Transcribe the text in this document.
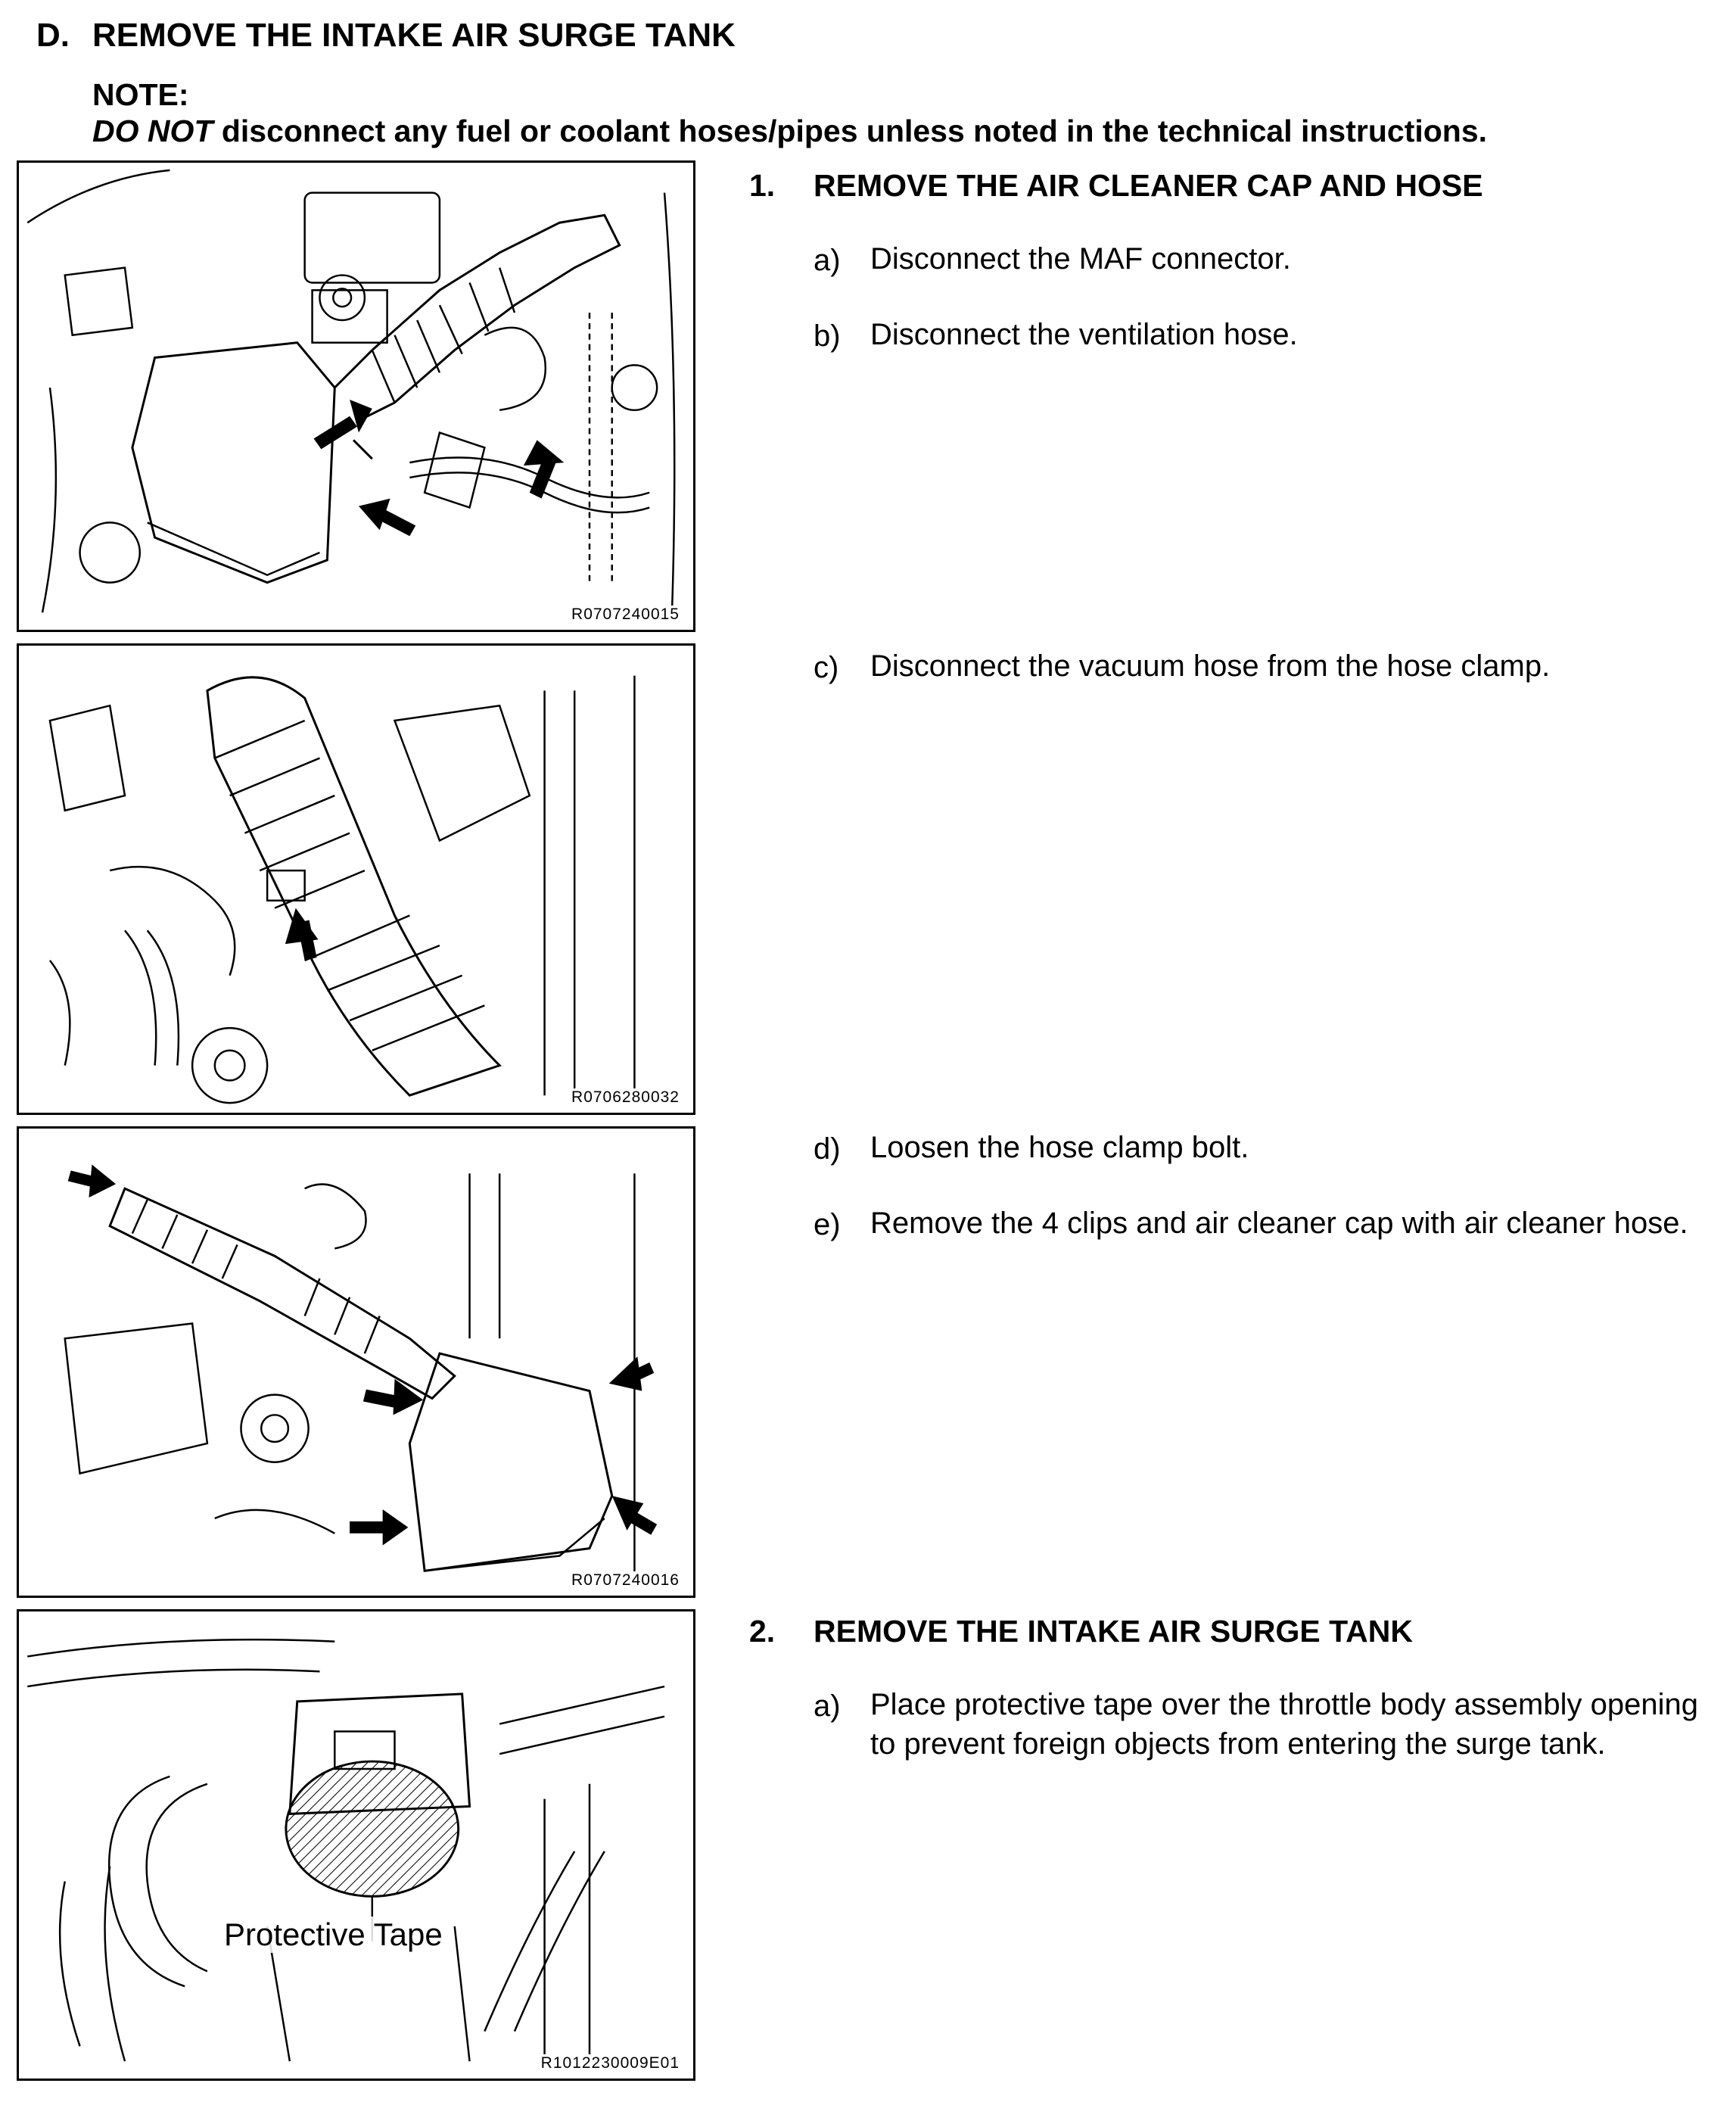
D. REMOVE THE INTAKE AIR SURGE TANK
NOTE:
DO NOT disconnect any fuel or coolant hoses/pipes unless noted in the technical instructions.
R0707240015
R0706280032
R0707240016
R1012230009E01
Protective Tape
1. REMOVE THE AIR CLEANER CAP AND HOSE
a) Disconnect the MAF connector.
b) Disconnect the ventilation hose.
c) Disconnect the vacuum hose from the hose clamp.
d) Loosen the hose clamp bolt.
e) Remove the 4 clips and air cleaner cap with air cleaner hose.
2. REMOVE THE INTAKE AIR SURGE TANK
a) Place protective tape over the throttle body assembly opening to prevent foreign objects from entering the surge tank.
